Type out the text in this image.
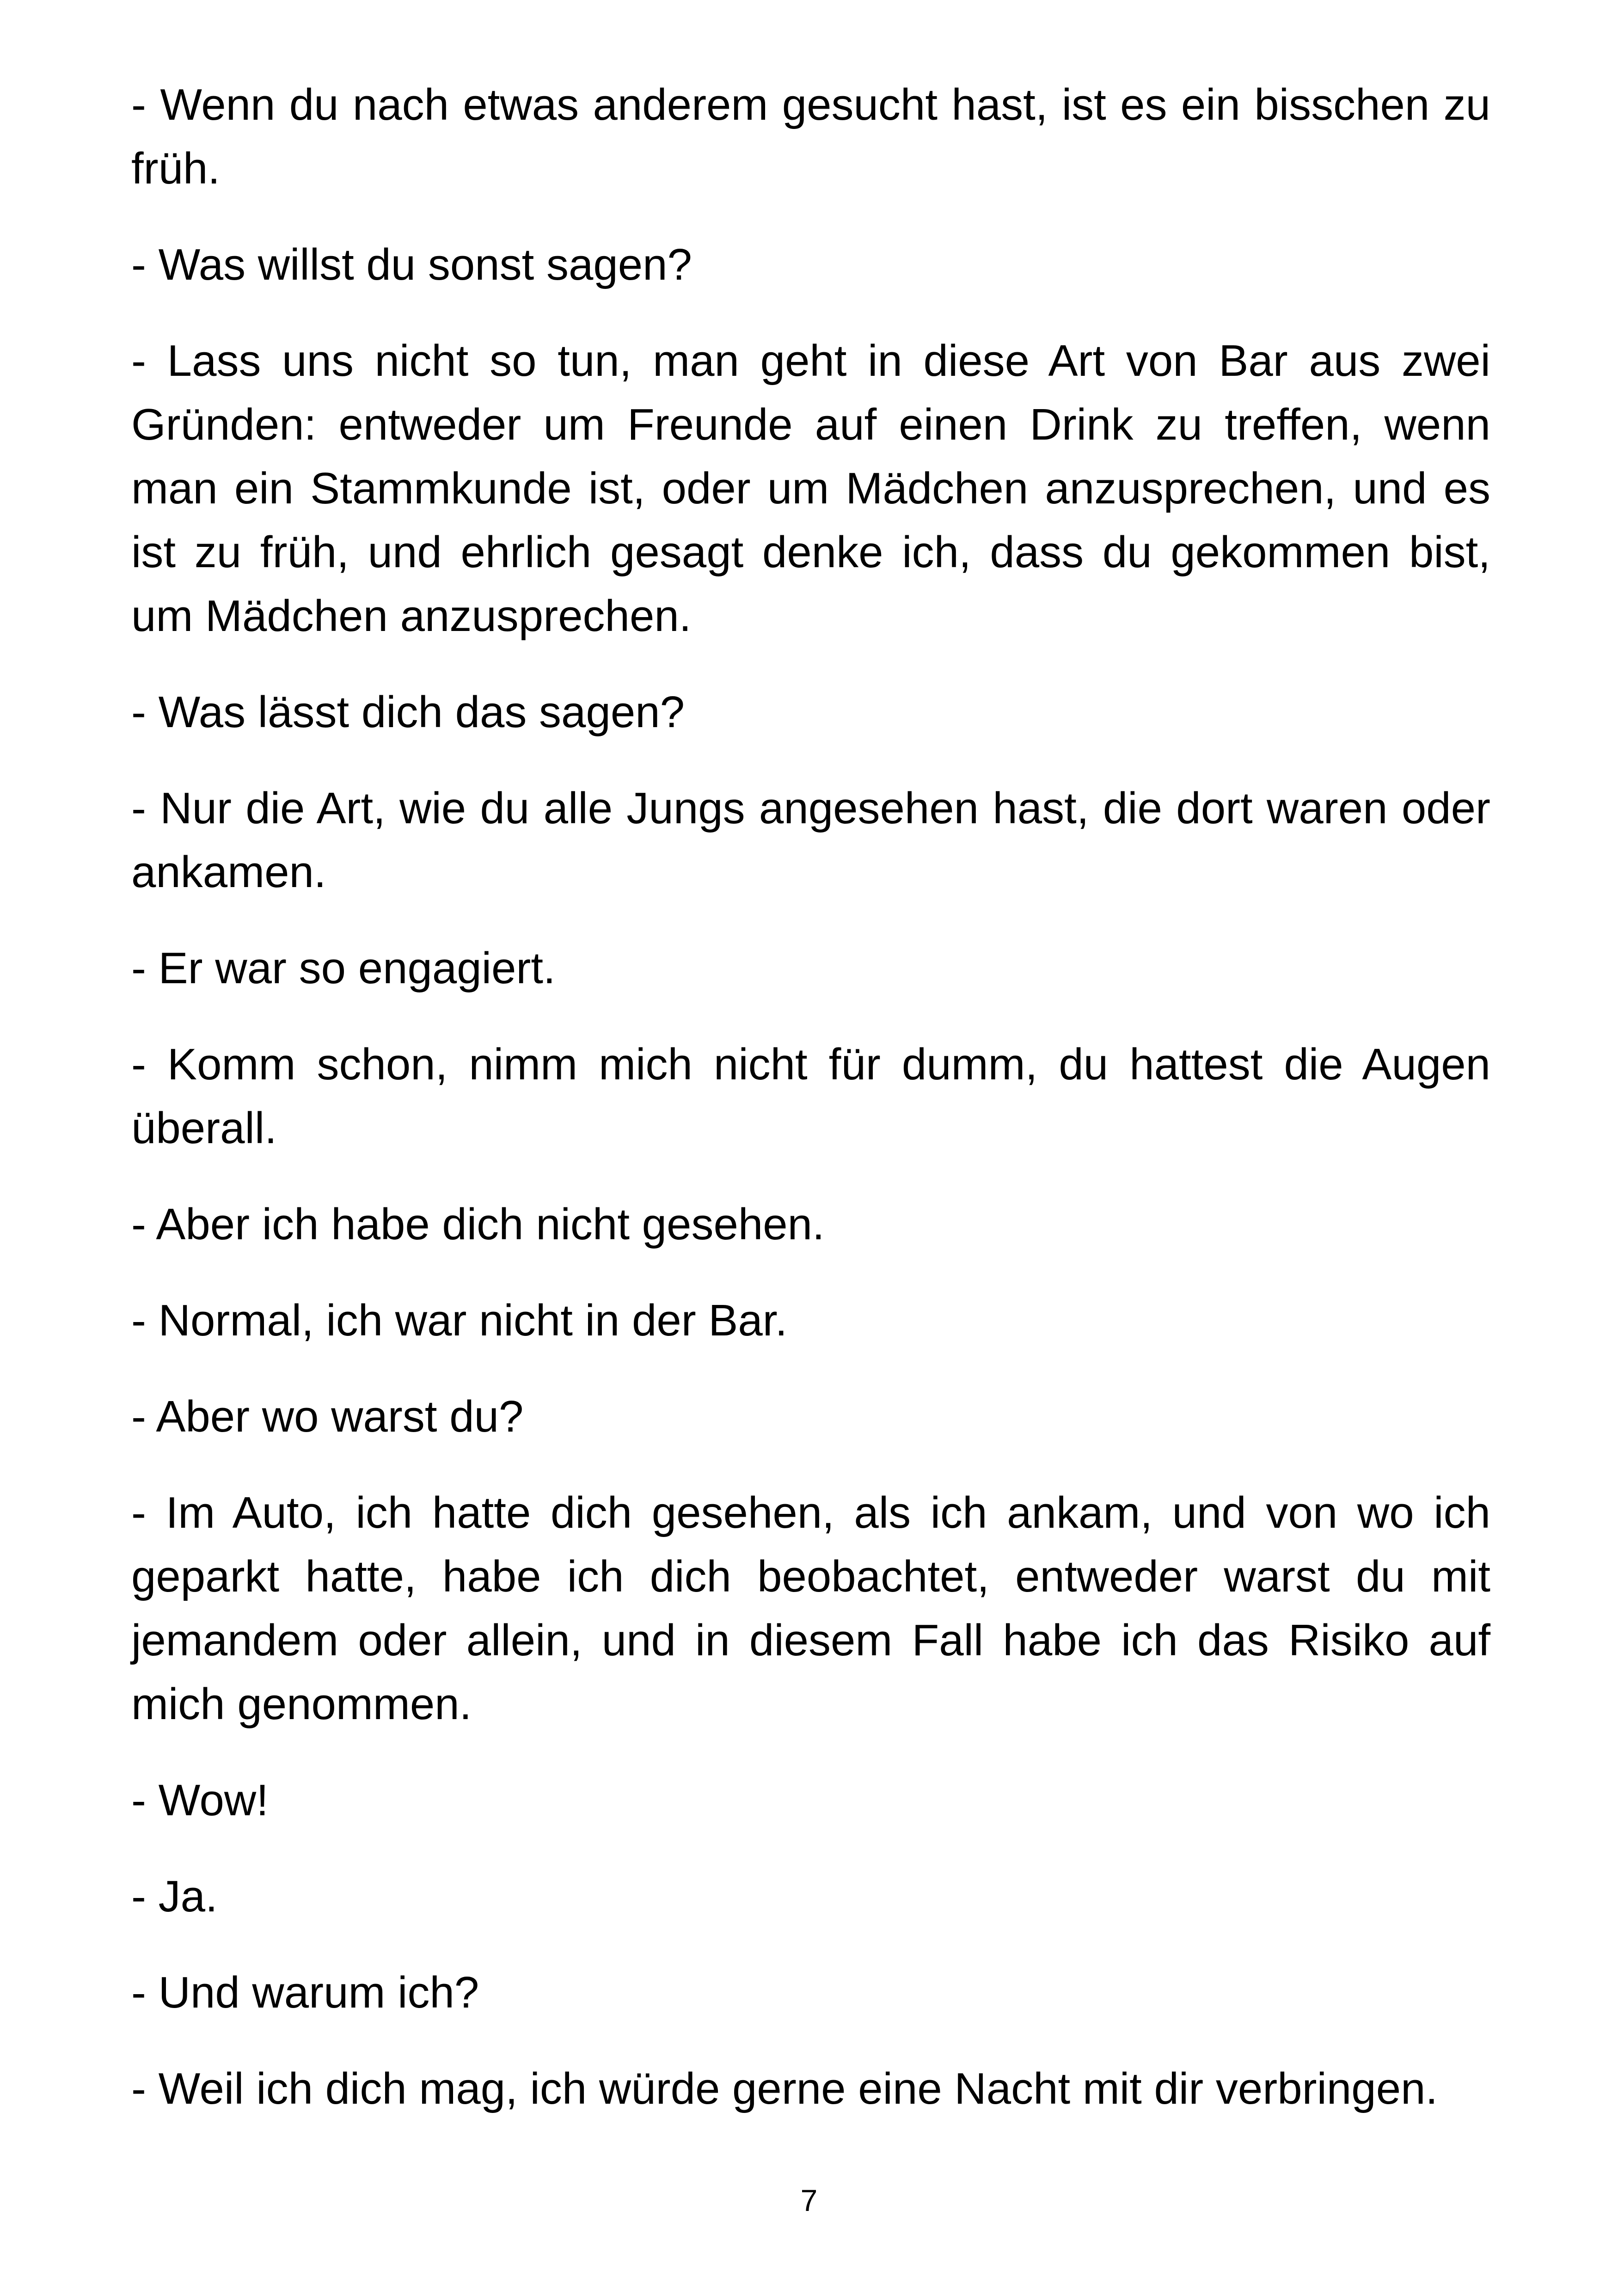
- Wenn du nach etwas anderem gesucht hast, ist es ein bisschen zu früh.

- Was willst du sonst sagen?

- Lass uns nicht so tun, man geht in diese Art von Bar aus zwei Gründen: entweder um Freunde auf einen Drink zu treffen, wenn man ein Stammkunde ist, oder um Mädchen anzusprechen, und es ist zu früh, und ehrlich gesagt denke ich, dass du gekommen bist, um Mädchen anzusprechen.

- Was lässt dich das sagen?

- Nur die Art, wie du alle Jungs angesehen hast, die dort waren oder ankamen.

- Er war so engagiert.

- Komm schon, nimm mich nicht für dumm, du hattest die Augen überall.

- Aber ich habe dich nicht gesehen.

- Normal, ich war nicht in der Bar.

- Aber wo warst du?

- Im Auto, ich hatte dich gesehen, als ich ankam, und von wo ich geparkt hatte, habe ich dich beobachtet, entweder warst du mit jemandem oder allein, und in diesem Fall habe ich das Risiko auf mich genommen.

- Wow!

- Ja.

- Und warum ich?

- Weil ich dich mag, ich würde gerne eine Nacht mit dir verbringen.

7
